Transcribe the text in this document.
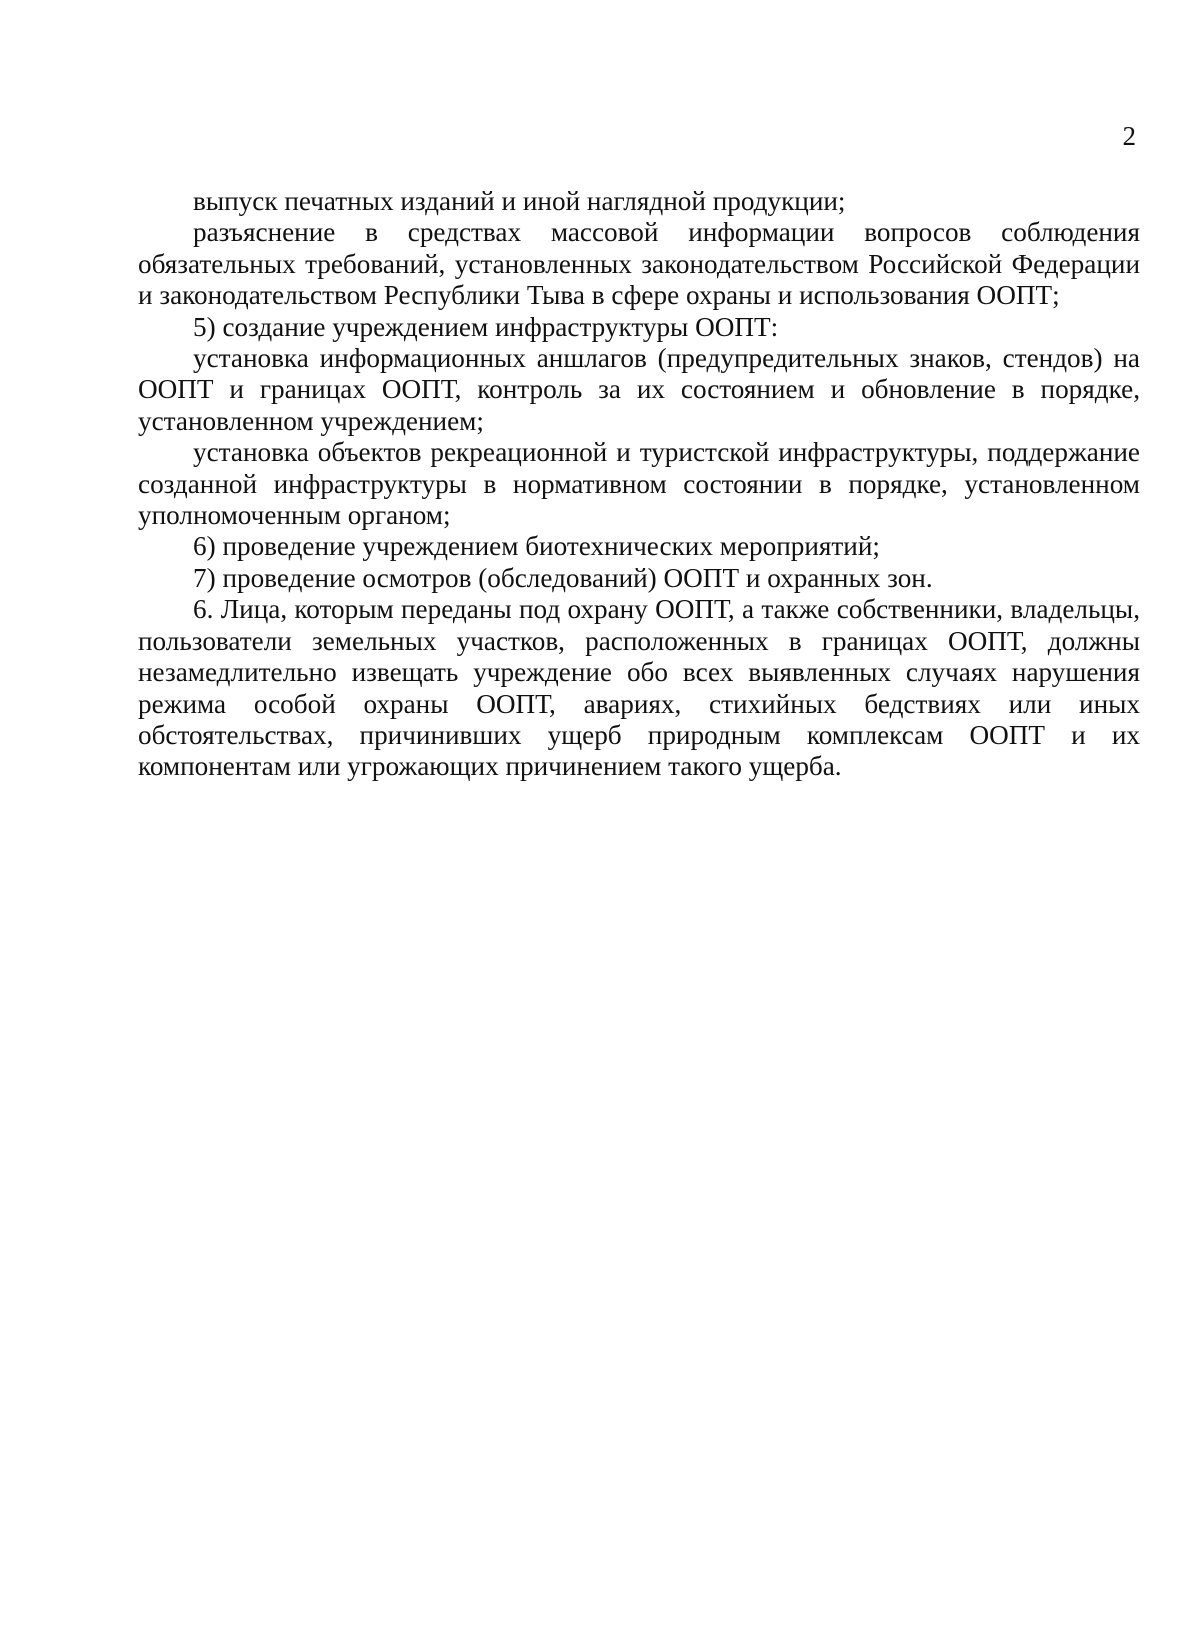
2

выпуск печатных изданий и иной наглядной продукции;

разъяснение в средствах массовой информации вопросов соблюдения обязательных требований, установленных законодательством Российской Федерации и законодательством Республики Тыва в сфере охраны и использования ООПТ;

5) создание учреждением инфраструктуры ООПТ:

установка информационных аншлагов (предупредительных знаков, стендов) на ООПТ и границах ООПТ, контроль за их состоянием и обновление в порядке, установленном учреждением;

установка объектов рекреационной и туристской инфраструктуры, поддержание созданной инфраструктуры в нормативном состоянии в порядке, установленном уполномоченным органом;

6) проведение учреждением биотехнических мероприятий;

7) проведение осмотров (обследований) ООПТ и охранных зон.

6. Лица, которым переданы под охрану ООПТ, а также собственники, владельцы, пользователи земельных участков, расположенных в границах ООПТ, должны незамедлительно извещать учреждение обо всех выявленных случаях нарушения режима особой охраны ООПТ, авариях, стихийных бедствиях или иных обстоятельствах, причинивших ущерб природным комплексам ООПТ и их компонентам или угрожающих причинением такого ущерба.
